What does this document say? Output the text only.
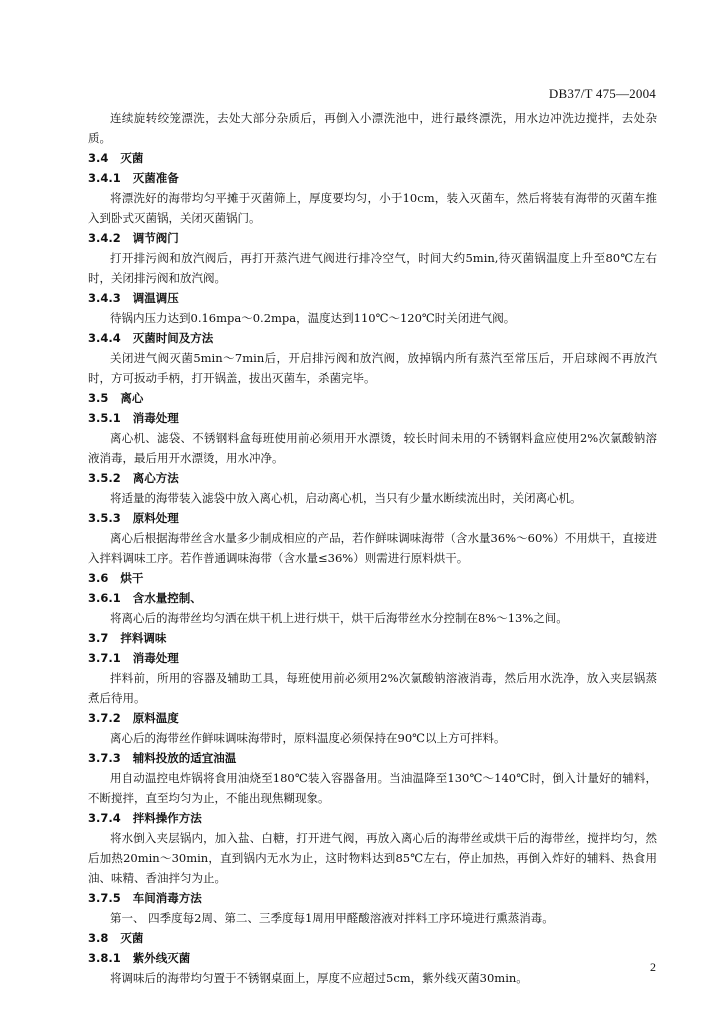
DB37/T 475—2004

连续旋转绞笼漂洗，去处大部分杂质后，再倒入小漂洗池中，进行最终漂洗，用水边冲洗边搅拌，去处杂质。

3.4   灭菌

3.4.1   灭菌准备

将漂洗好的海带均匀平摊于灭菌筛上，厚度要均匀，小于10cm，装入灭菌车，然后将装有海带的灭菌车推入到卧式灭菌锅，关闭灭菌锅门。

3.4.2   调节阀门

打开排污阀和放汽阀后，再打开蒸汽进气阀进行排冷空气，时间大约5min,待灭菌锅温度上升至80℃左右时，关闭排污阀和放汽阀。

3.4.3   调温调压

待锅内压力达到0.16mpa～0.2mpa，温度达到110℃～120℃时关闭进气阀。

3.4.4   灭菌时间及方法

关闭进气阀灭菌5min～7min后，开启排污阀和放汽阀，放掉锅内所有蒸汽至常压后，开启球阀不再放汽时，方可扳动手柄，打开锅盖，拔出灭菌车，杀菌完毕。

3.5   离心

3.5.1   消毒处理

离心机、滤袋、不锈钢料盒每班使用前必须用开水漂烫，较长时间未用的不锈钢料盒应使用2%次氯酸钠溶液消毒，最后用开水漂烫，用水冲净。

3.5.2   离心方法

将适量的海带装入滤袋中放入离心机，启动离心机，当只有少量水断续流出时，关闭离心机。

3.5.3   原料处理

离心后根据海带丝含水量多少制成相应的产品，若作鲜味调味海带（含水量36%～60%）不用烘干，直接进入拌料调味工序。若作普通调味海带（含水量≤36%）则需进行原料烘干。

3.6   烘干

3.6.1   含水量控制、

将离心后的海带丝均匀洒在烘干机上进行烘干，烘干后海带丝水分控制在8%～13%之间。

3.7   拌料调味

3.7.1   消毒处理

拌料前，所用的容器及辅助工具，每班使用前必须用2%次氯酸钠溶液消毒，然后用水洗净，放入夹层锅蒸煮后待用。

3.7.2   原料温度

离心后的海带丝作鲜味调味海带时，原料温度必须保持在90℃以上方可拌料。

3.7.3   辅料投放的适宜油温

用自动温控电炸锅将食用油烧至180℃装入容器备用。当油温降至130℃～140℃时，倒入计量好的辅料，不断搅拌，直至均匀为止，不能出现焦糊现象。

3.7.4   拌料操作方法

将水倒入夹层锅内，加入盐、白糖，打开进气阀，再放入离心后的海带丝或烘干后的海带丝，搅拌均匀，然后加热20min～30min，直到锅内无水为止，这时物料达到85℃左右，停止加热，再倒入炸好的辅料、热食用油、味精、香油拌匀为止。

3.7.5   车间消毒方法

第一、 四季度每2周、第二、三季度每1周用甲醛酸溶液对拌料工序环境进行熏蒸消毒。

3.8   灭菌

3.8.1   紫外线灭菌

将调味后的海带均匀置于不锈钢桌面上，厚度不应超过5cm，紫外线灭菌30min。

2
